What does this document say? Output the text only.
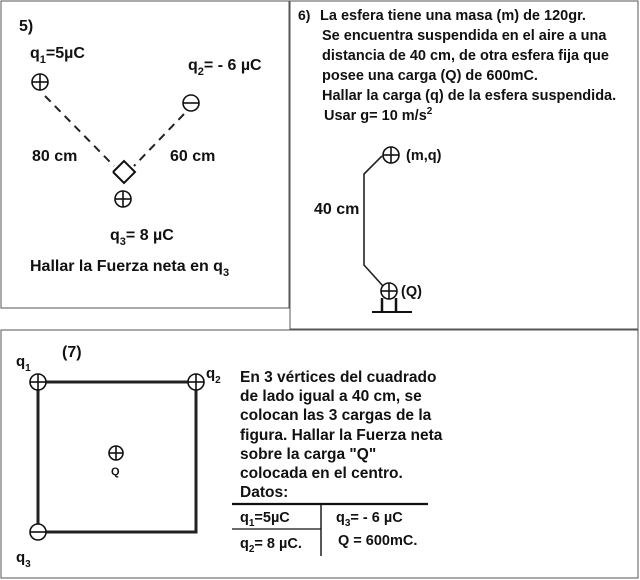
5)
$q_1=5\mu C$
$q_2= - 6$ µC
80 cm	60 cm
$q_3= 8$ µC
Hallar la Fuerza neta en $q_3$
6) La esfera tiene una masa (m) de 120gr.
Se encuentra suspendida en el aire a una
distancia de 40 cm, de otra esfera fija que
posee una carga (Q) de 600mC.
Hallar la carga (q) de la esfera suspendida.
Usar g= 10 $m/s^2$
(m,q)
40 cm
(Q)
(7)
$q_1$	$q_2$
$q_3$
Q
En 3 vértices del cuadrado
de lado igual a 40 cm, se
colocan las 3 cargas de la
figura. Hallar la Fuerza neta
sobre la carga "Q"
colocada en el centro.
Datos:
$q_1=5\mu C$	$q_3= - 6$ µC
$q_2= 8$ µC. Q = 600mC.
